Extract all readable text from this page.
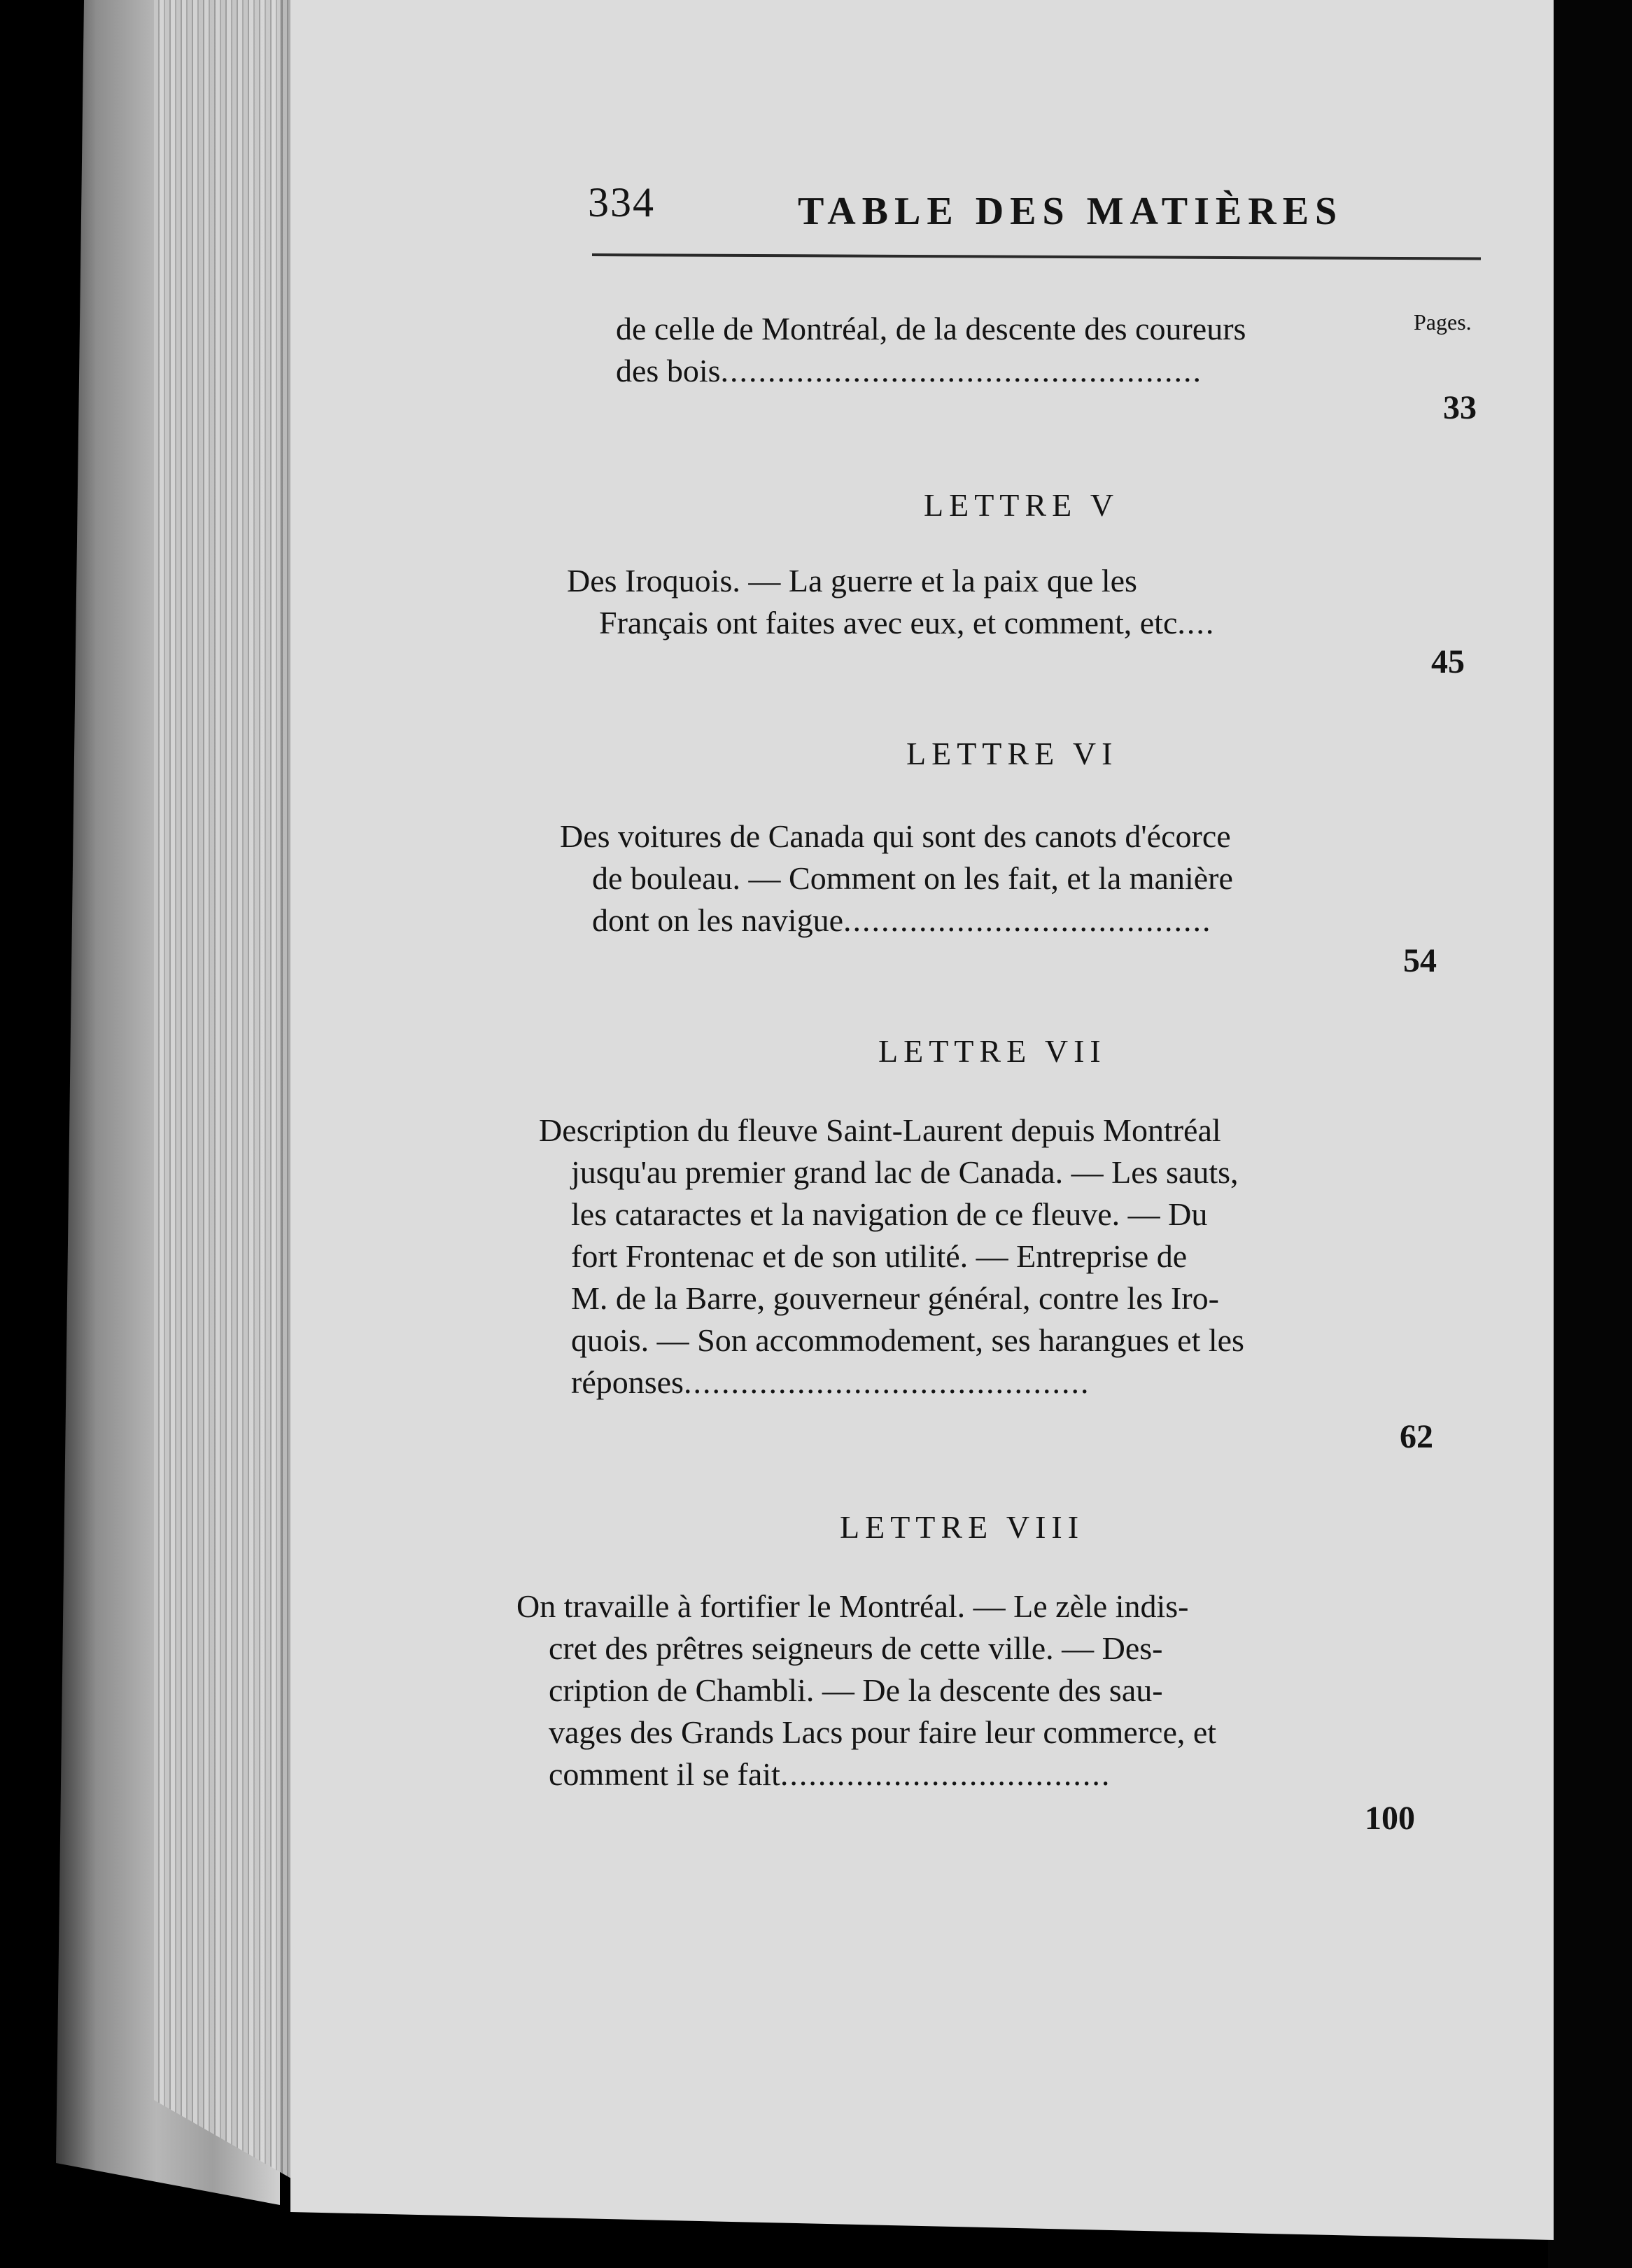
334	TABLE DES MATIÈRES
Pages.
de celle de Montréal, de la descente des coureurs
des bois...................................................
33
LETTRE V
Des Iroquois. — La guerre et la paix que les
Français ont faites avec eux, et comment, etc....
45
LETTRE VI
Des voitures de Canada qui sont des canots d'écorce
de bouleau. — Comment on les fait, et la manière
dont on les navigue.......................................
54
LETTRE VII
Description du fleuve Saint-Laurent depuis Montréal
jusqu'au premier grand lac de Canada. — Les sauts,
les cataractes et la navigation de ce fleuve. — Du
fort Frontenac et de son utilité. — Entreprise de
M. de la Barre, gouverneur général, contre les Iro-
quois. — Son accommodement, ses harangues et les
réponses...........................................
62
LETTRE VIII
On travaille à fortifier le Montréal. — Le zèle indis-
cret des prêtres seigneurs de cette ville. — Des-
cription de Chambli. — De la descente des sau-
vages des Grands Lacs pour faire leur commerce, et
comment il se fait...................................
100
